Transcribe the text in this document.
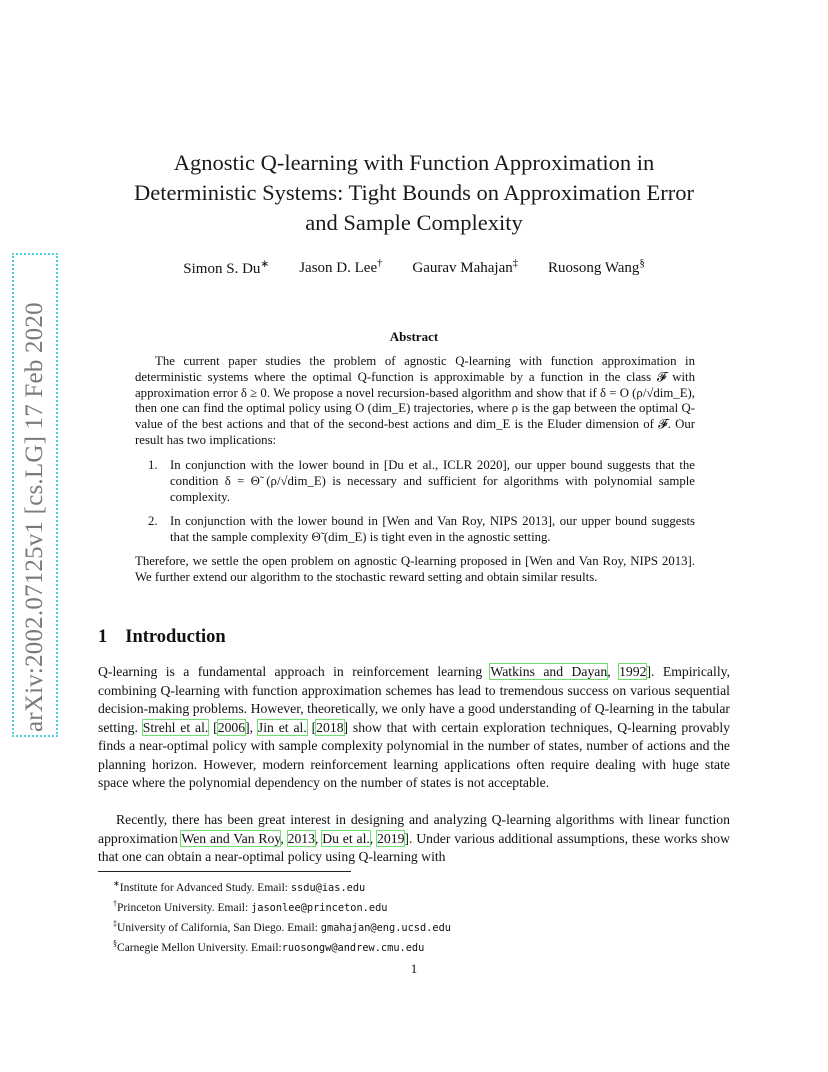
arXiv:2002.07125v1 [cs.LG] 17 Feb 2020
Agnostic Q-learning with Function Approximation in
Deterministic Systems: Tight Bounds on Approximation Error
and Sample Complexity
Simon S. Du∗ Jason D. Lee† Gaurav Mahajan‡ Ruosong Wang§
Abstract
The current paper studies the problem of agnostic Q-learning with function approximation in deterministic systems where the optimal Q-function is approximable by a function in the class 𝓕 with approximation error δ ≥ 0. We propose a novel recursion-based algorithm and show that if δ = O (ρ/√dim_E), then one can find the optimal policy using O (dim_E) trajectories, where ρ is the gap between the optimal Q-value of the best actions and that of the second-best actions and dim_E is the Eluder dimension of 𝓕. Our result has two implications:
1. In conjunction with the lower bound in [Du et al., ICLR 2020], our upper bound suggests that the condition δ = Θ̃ (ρ/√dim_E) is necessary and sufficient for algorithms with polynomial sample complexity.
2. In conjunction with the lower bound in [Wen and Van Roy, NIPS 2013], our upper bound suggests that the sample complexity Θ̃ (dim_E) is tight even in the agnostic setting.
Therefore, we settle the open problem on agnostic Q-learning proposed in [Wen and Van Roy, NIPS 2013]. We further extend our algorithm to the stochastic reward setting and obtain similar results.
1 Introduction
Q-learning is a fundamental approach in reinforcement learning Watkins and Dayan, 1992]. Empirically, combining Q-learning with function approximation schemes has lead to tremendous success on various sequential decision-making problems. However, theoretically, we only have a good understanding of Q-learning in the tabular setting. Strehl et al. [2006], Jin et al. [2018] show that with certain exploration techniques, Q-learning provably finds a near-optimal policy with sample complexity polynomial in the number of states, number of actions and the planning horizon. However, modern reinforcement learning applications often require dealing with huge state space where the polynomial dependency on the number of states is not acceptable.
Recently, there has been great interest in designing and analyzing Q-learning algorithms with linear function approximation Wen and Van Roy, 2013, Du et al., 2019]. Under various additional assumptions, these works show that one can obtain a near-optimal policy using Q-learning with
∗Institute for Advanced Study. Email: ssdu@ias.edu
†Princeton University. Email: jasonlee@princeton.edu
‡University of California, San Diego. Email: gmahajan@eng.ucsd.edu
§Carnegie Mellon University. Email:ruosongw@andrew.cmu.edu
1
